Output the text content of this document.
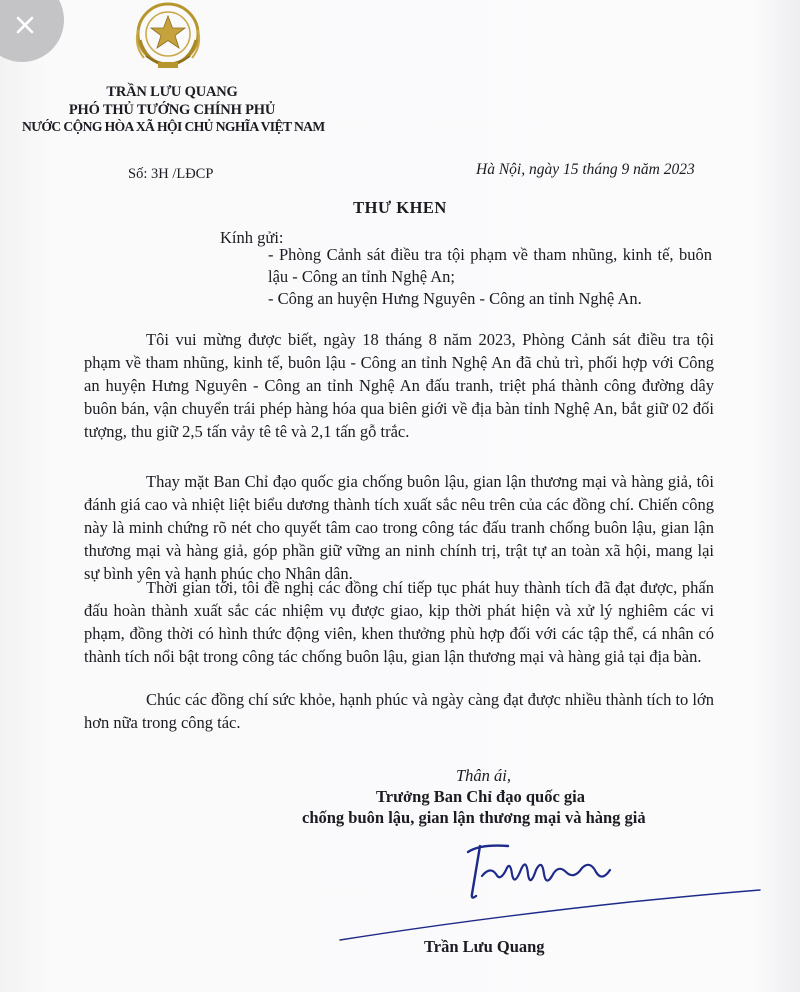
TRẦN LƯU QUANG
PHÓ THỦ TƯỚNG CHÍNH PHỦ
NƯỚC CỘNG HÒA XÃ HỘI CHỦ NGHĨA VIỆT NAM
Số: 3H /LĐCP	Hà Nội, ngày 15 tháng 9 năm 2023
THƯ KHEN
Kính gửi:
- Phòng Cảnh sát điều tra tội phạm về tham nhũng, kinh tế, buôn lậu - Công an tỉnh Nghệ An;
- Công an huyện Hưng Nguyên - Công an tỉnh Nghệ An.
Tôi vui mừng được biết, ngày 18 tháng 8 năm 2023, Phòng Cảnh sát điều tra tội phạm về tham nhũng, kinh tế, buôn lậu - Công an tỉnh Nghệ An đã chủ trì, phối hợp với Công an huyện Hưng Nguyên - Công an tỉnh Nghệ An đấu tranh, triệt phá thành công đường dây buôn bán, vận chuyển trái phép hàng hóa qua biên giới về địa bàn tỉnh Nghệ An, bắt giữ 02 đối tượng, thu giữ 2,5 tấn vảy tê tê và 2,1 tấn gỗ trắc.
Thay mặt Ban Chỉ đạo quốc gia chống buôn lậu, gian lận thương mại và hàng giả, tôi đánh giá cao và nhiệt liệt biểu dương thành tích xuất sắc nêu trên của các đồng chí. Chiến công này là minh chứng rõ nét cho quyết tâm cao trong công tác đấu tranh chống buôn lậu, gian lận thương mại và hàng giả, góp phần giữ vững an ninh chính trị, trật tự an toàn xã hội, mang lại sự bình yên và hạnh phúc cho Nhân dân.
Thời gian tới, tôi đề nghị các đồng chí tiếp tục phát huy thành tích đã đạt được, phấn đấu hoàn thành xuất sắc các nhiệm vụ được giao, kịp thời phát hiện và xử lý nghiêm các vi phạm, đồng thời có hình thức động viên, khen thưởng phù hợp đối với các tập thể, cá nhân có thành tích nổi bật trong công tác chống buôn lậu, gian lận thương mại và hàng giả tại địa bàn.
Chúc các đồng chí sức khỏe, hạnh phúc và ngày càng đạt được nhiều thành tích to lớn hơn nữa trong công tác.
Thân ái,
Trưởng Ban Chỉ đạo quốc gia
chống buôn lậu, gian lận thương mại và hàng giả
Trần Lưu Quang
